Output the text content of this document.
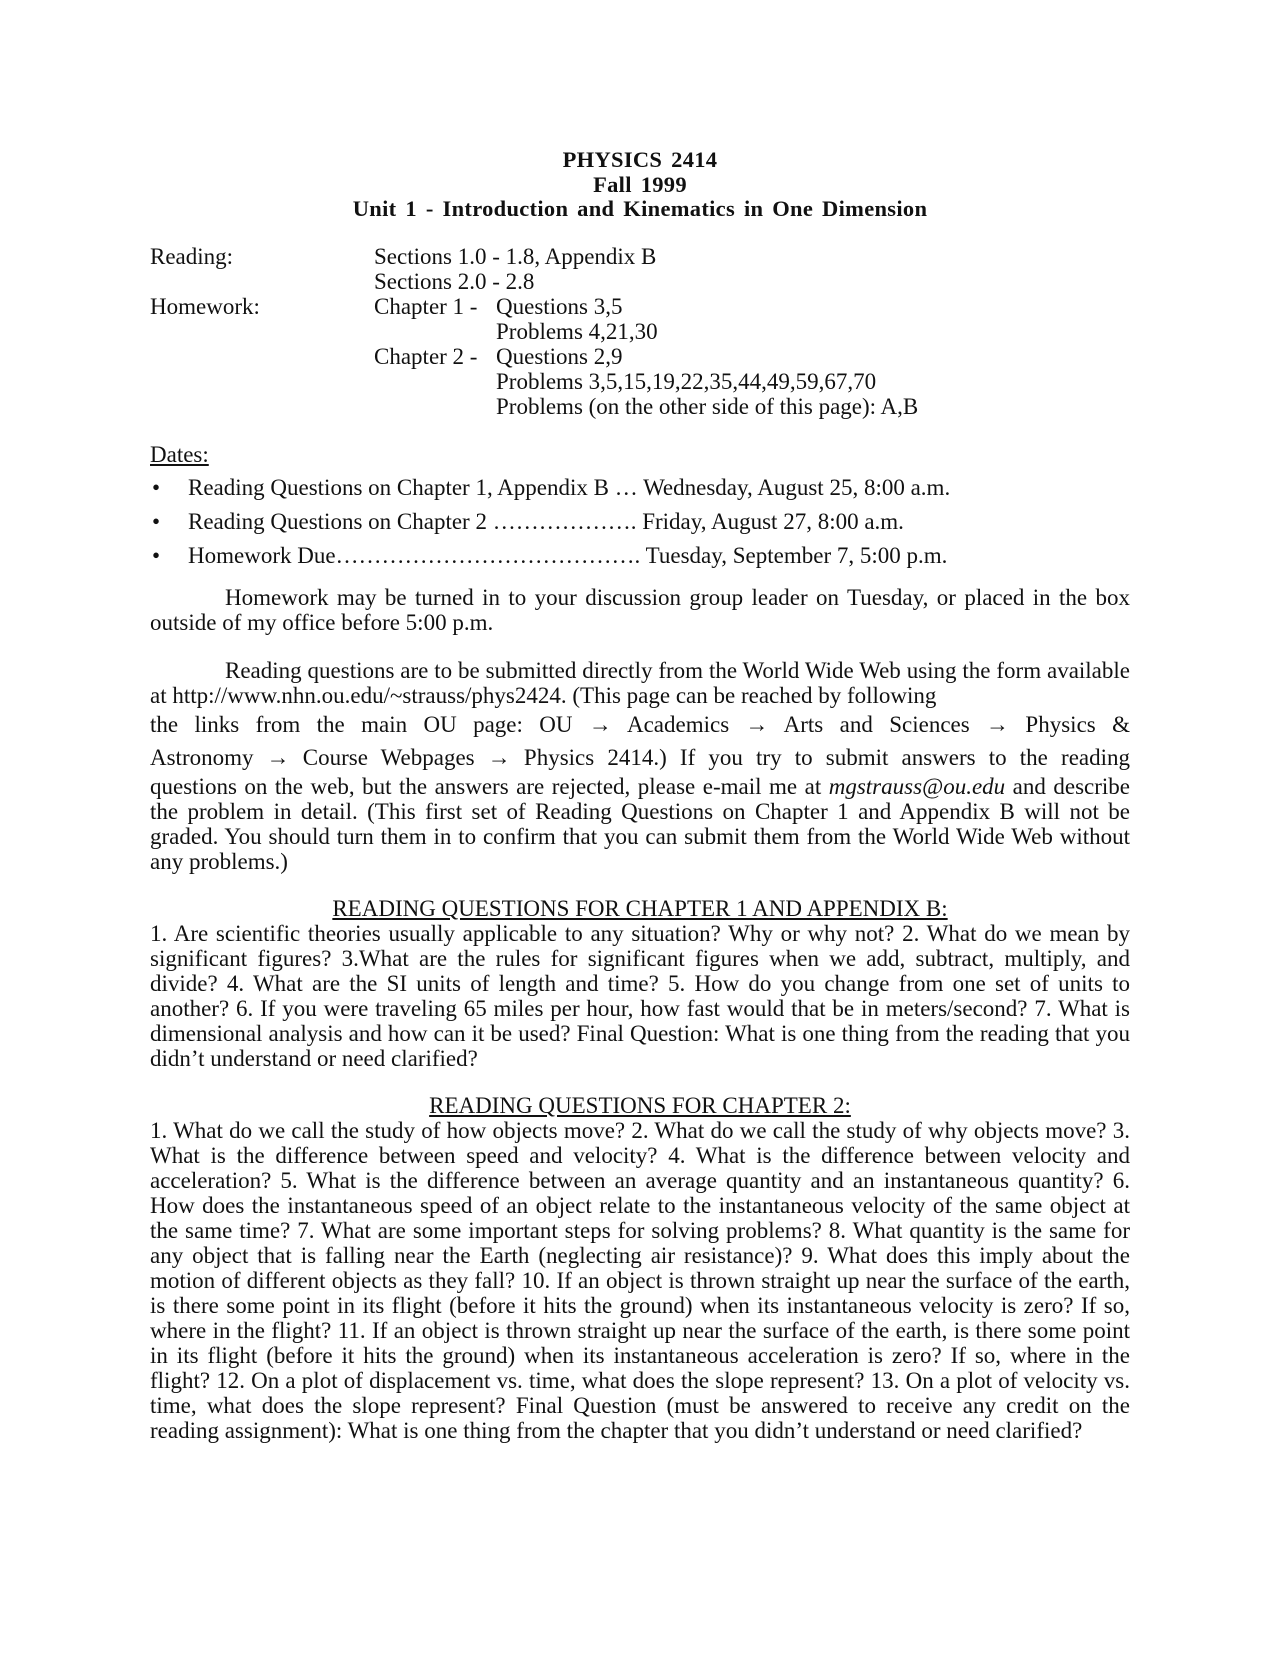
PHYSICS 2414
Fall 1999
Unit 1 - Introduction and Kinematics in One Dimension
Reading:	Sections 1.0 - 1.8, Appendix B
Sections 2.0 - 2.8
Homework:	Chapter 1 - Questions 3,5
Problems 4,21,30
Chapter 2 - Questions 2,9
Problems 3,5,15,19,22,35,44,49,59,67,70
Problems (on the other side of this page): A,B
Dates:
• Reading Questions on Chapter 1, Appendix B … Wednesday, August 25, 8:00 a.m.
• Reading Questions on Chapter 2 ………………. Friday, August 27, 8:00 a.m.
• Homework Due…………………………………. Tuesday, September 7, 5:00 p.m.

Homework may be turned in to your discussion group leader on Tuesday, or placed in the box outside of my office before 5:00 p.m.

Reading questions are to be submitted directly from the World Wide Web using the form available at http://www.nhn.ou.edu/~strauss/phys2424. (This page can be reached by following
the links from the main OU page: OU → Academics → Arts and Sciences → Physics &
Astronomy → Course Webpages → Physics 2414.) If you try to submit answers to the reading
questions on the web, but the answers are rejected, please e-mail me at mgstrauss@ou.edu and describe the problem in detail. (This first set of Reading Questions on Chapter 1 and Appendix B will not be graded. You should turn them in to confirm that you can submit them from the World Wide Web without any problems.)
READING QUESTIONS FOR CHAPTER 1 AND APPENDIX B:

1. Are scientific theories usually applicable to any situation? Why or why not? 2. What do we mean by significant figures? 3.What are the rules for significant figures when we add, subtract, multiply, and divide? 4. What are the SI units of length and time? 5. How do you change from one set of units to another? 6. If you were traveling 65 miles per hour, how fast would that be in meters/second? 7. What is dimensional analysis and how can it be used? Final Question: What is one thing from the reading that you didn’t understand or need clarified?

READING QUESTIONS FOR CHAPTER 2:

1. What do we call the study of how objects move? 2. What do we call the study of why objects move? 3. What is the difference between speed and velocity? 4. What is the difference between velocity and acceleration? 5. What is the difference between an average quantity and an instantaneous quantity? 6. How does the instantaneous speed of an object relate to the instantaneous velocity of the same object at the same time? 7. What are some important steps for solving problems? 8. What quantity is the same for any object that is falling near the Earth (neglecting air resistance)? 9. What does this imply about the motion of different objects as they fall? 10. If an object is thrown straight up near the surface of the earth, is there some point in its flight (before it hits the ground) when its instantaneous velocity is zero? If so, where in the flight? 11. If an object is thrown straight up near the surface of the earth, is there some point in its flight (before it hits the ground) when its instantaneous acceleration is zero? If so, where in the flight? 12. On a plot of displacement vs. time, what does the slope represent? 13. On a plot of velocity vs. time, what does the slope represent? Final Question (must be answered to receive any credit on the reading assignment): What is one thing from the chapter that you didn’t understand or need clarified?
